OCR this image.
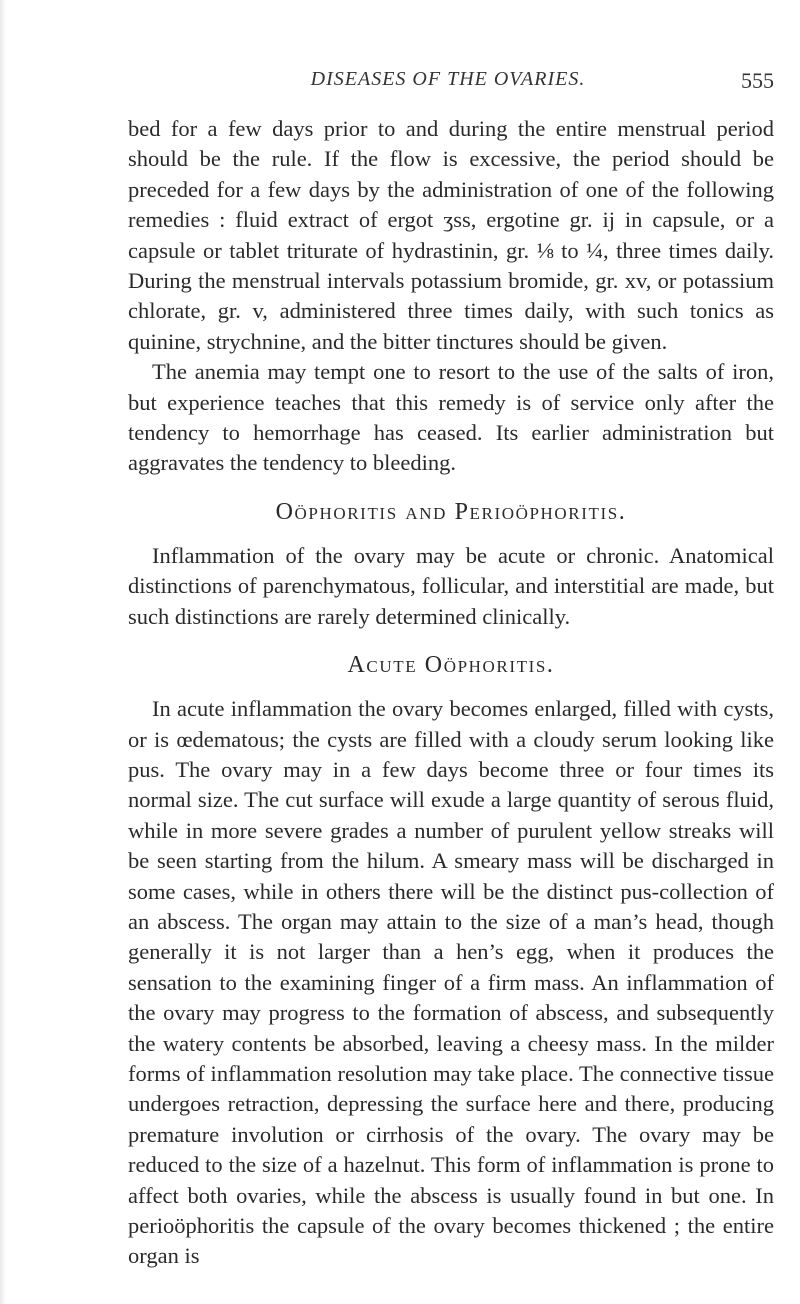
DISEASES OF THE OVARIES.	555

bed for a few days prior to and during the entire menstrual period should be the rule. If the flow is excessive, the period should be preceded for a few days by the administration of one of the following remedies : fluid extract of ergot ʒss, ergotine gr. ij in capsule, or a capsule or tablet triturate of hydrastinin, gr. ⅛ to ¼, three times daily. During the menstrual intervals potassium bromide, gr. xv, or potassium chlorate, gr. v, administered three times daily, with such tonics as quinine, strychnine, and the bitter tinctures should be given.

The anemia may tempt one to resort to the use of the salts of iron, but experience teaches that this remedy is of service only after the tendency to hemorrhage has ceased. Its earlier administration but aggravates the tendency to bleeding.

Oöphoritis and Perioöphoritis.

Inflammation of the ovary may be acute or chronic. Anatomical distinctions of parenchymatous, follicular, and interstitial are made, but such distinctions are rarely determined clinically.

Acute Oöphoritis.

In acute inflammation the ovary becomes enlarged, filled with cysts, or is œdematous; the cysts are filled with a cloudy serum looking like pus. The ovary may in a few days become three or four times its normal size. The cut surface will exude a large quantity of serous fluid, while in more severe grades a number of purulent yellow streaks will be seen starting from the hilum. A smeary mass will be discharged in some cases, while in others there will be the distinct pus-collection of an abscess. The organ may attain to the size of a man’s head, though generally it is not larger than a hen’s egg, when it produces the sensation to the examining finger of a firm mass. An inflammation of the ovary may progress to the formation of abscess, and subsequently the watery contents be absorbed, leaving a cheesy mass. In the milder forms of inflammation resolution may take place. The connective tissue undergoes retraction, depressing the surface here and there, producing premature involution or cirrhosis of the ovary. The ovary may be reduced to the size of a hazelnut. This form of inflammation is prone to affect both ovaries, while the abscess is usually found in but one. In perioöphoritis the capsule of the ovary becomes thickened ; the entire organ is
